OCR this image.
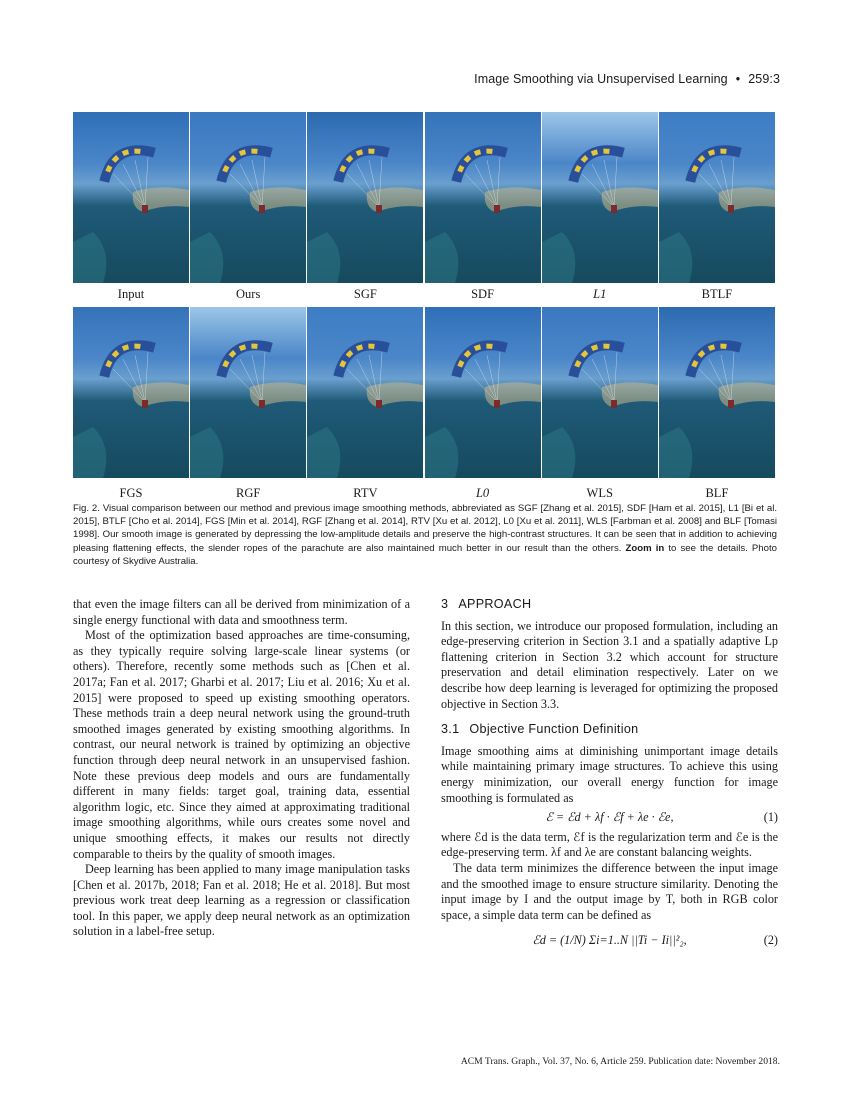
Image Smoothing via Unsupervised Learning • 259:3
Input	Ours	SGF	SDF	L1	BTLF
FGS	RGF	RTV	L0	WLS	BLF
Fig. 2. Visual comparison between our method and previous image smoothing methods, abbreviated as SGF [Zhang et al. 2015], SDF [Ham et al. 2015], L1 [Bi et al. 2015], BTLF [Cho et al. 2014], FGS [Min et al. 2014], RGF [Zhang et al. 2014], RTV [Xu et al. 2012], L0 [Xu et al. 2011], WLS [Farbman et al. 2008] and BLF [Tomasi 1998]. Our smooth image is generated by depressing the low-amplitude details and preserve the high-contrast structures. It can be seen that in addition to achieving pleasing flattening effects, the slender ropes of the parachute are also maintained much better in our result than the others. Zoom in to see the details. Photo courtesy of Skydive Australia.

that even the image filters can all be derived from minimization of a single energy functional with data and smoothness term.

Most of the optimization based approaches are time-consuming, as they typically require solving large-scale linear systems (or others). Therefore, recently some methods such as [Chen et al. 2017a; Fan et al. 2017; Gharbi et al. 2017; Liu et al. 2016; Xu et al. 2015] were proposed to speed up existing smoothing operators. These methods train a deep neural network using the ground-truth smoothed images generated by existing smoothing algorithms. In contrast, our neural network is trained by optimizing an objective function through deep neural network in an unsupervised fashion. Note these previous deep models and ours are fundamentally different in many fields: target goal, training data, essential algorithm logic, etc. Since they aimed at approximating traditional image smoothing algorithms, while ours creates some novel and unique smoothing effects, it makes our results not directly comparable to theirs by the quality of smooth images.

Deep learning has been applied to many image manipulation tasks [Chen et al. 2017b, 2018; Fan et al. 2018; He et al. 2018]. But most previous work treat deep learning as a regression or classification tool. In this paper, we apply deep neural network as an optimization solution in a label-free setup.

3 APPROACH

In this section, we introduce our proposed formulation, including an edge-preserving criterion in Section 3.1 and a spatially adaptive Lp flattening criterion in Section 3.2 which account for structure preservation and detail elimination respectively. Later on we describe how deep learning is leveraged for optimizing the proposed objective in Section 3.3.

3.1 Objective Function Definition

Image smoothing aims at diminishing unimportant image details while maintaining primary image structures. To achieve this using energy minimization, our overall energy function for image smoothing is formulated as

ℰ = ℰd + λf · ℰf + λe · ℰe,	(1)

where ℰd is the data term, ℰf is the regularization term and ℰe is the edge-preserving term. λf and λe are constant balancing weights.

The data term minimizes the difference between the input image and the smoothed image to ensure structure similarity. Denoting the input image by I and the output image by T, both in RGB color space, a simple data term can be defined as

ℰd = (1/N) Σi=1..N ||Ti − Ii||²₂,	(2)
ACM Trans. Graph., Vol. 37, No. 6, Article 259. Publication date: November 2018.
